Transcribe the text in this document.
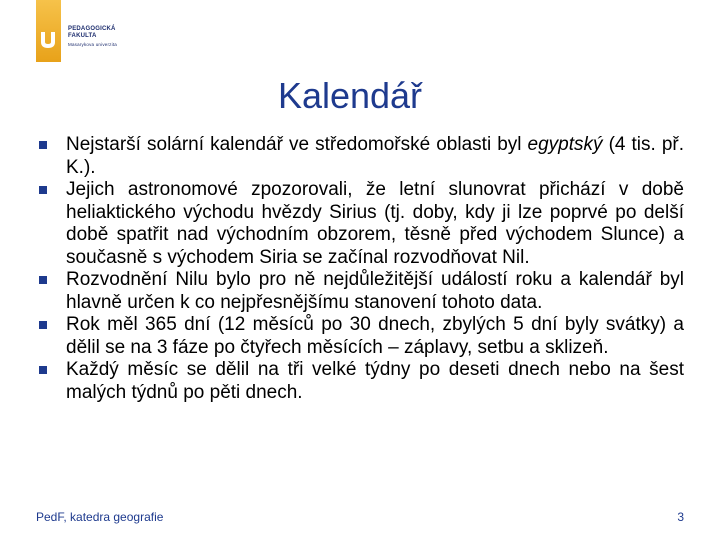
PEDAGOGICKÁ
FAKULTA
Masarykova univerzita
Kalendář
Nejstarší solární kalendář ve středomořské oblasti byl egyptský (4 tis. př. K.).
Jejich astronomové zpozorovali, že letní slunovrat přichází v době heliaktického východu hvězdy Sirius (tj. doby, kdy ji lze poprvé po delší době spatřit nad východním obzorem, těsně před východem Slunce) a současně s východem Siria se začínal rozvodňovat Nil.
Rozvodnění Nilu bylo pro ně nejdůležitější událostí roku a kalendář byl hlavně určen k co nejpřesnějšímu stanovení tohoto data.
Rok měl 365 dní (12 měsíců po 30 dnech, zbylých 5 dní byly svátky) a dělil se na 3 fáze po čtyřech měsících – záplavy, setbu a sklizeň.
Každý měsíc se dělil na tři velké týdny po deseti dnech nebo na šest malých týdnů po pěti dnech.
PedF, katedra geografie	3
